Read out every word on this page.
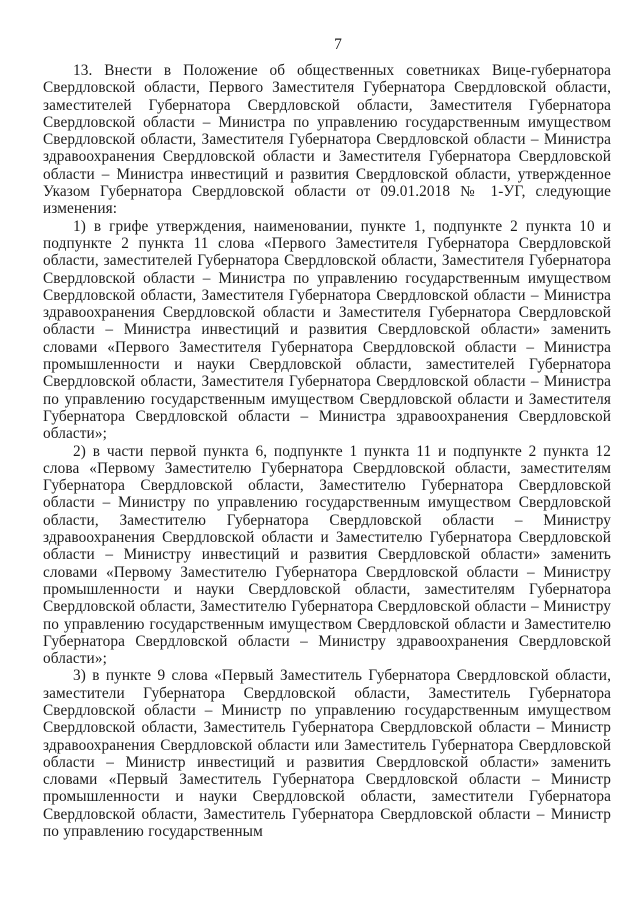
7

13. Внести в Положение об общественных советниках Вице-губернатора Свердловской области, Первого Заместителя Губернатора Свердловской области, заместителей Губернатора Свердловской области, Заместителя Губернатора Свердловской области – Министра по управлению государственным имуществом Свердловской области, Заместителя Губернатора Свердловской области – Министра здравоохранения Свердловской области и Заместителя Губернатора Свердловской области – Министра инвестиций и развития Свердловской области, утвержденное Указом Губернатора Свердловской области от 09.01.2018 № 1-УГ, следующие изменения:

1) в грифе утверждения, наименовании, пункте 1, подпункте 2 пункта 10 и подпункте 2 пункта 11 слова «Первого Заместителя Губернатора Свердловской области, заместителей Губернатора Свердловской области, Заместителя Губернатора Свердловской области – Министра по управлению государственным имуществом Свердловской области, Заместителя Губернатора Свердловской области – Министра здравоохранения Свердловской области и Заместителя Губернатора Свердловской области – Министра инвестиций и развития Свердловской области» заменить словами «Первого Заместителя Губернатора Свердловской области – Министра промышленности и науки Свердловской области, заместителей Губернатора Свердловской области, Заместителя Губернатора Свердловской области – Министра по управлению государственным имуществом Свердловской области и Заместителя Губернатора Свердловской области – Министра здравоохранения Свердловской области»;

2) в части первой пункта 6, подпункте 1 пункта 11 и подпункте 2 пункта 12 слова «Первому Заместителю Губернатора Свердловской области, заместителям Губернатора Свердловской области, Заместителю Губернатора Свердловской области – Министру по управлению государственным имуществом Свердловской области, Заместителю Губернатора Свердловской области – Министру здравоохранения Свердловской области и Заместителю Губернатора Свердловской области – Министру инвестиций и развития Свердловской области» заменить словами «Первому Заместителю Губернатора Свердловской области – Министру промышленности и науки Свердловской области, заместителям Губернатора Свердловской области, Заместителю Губернатора Свердловской области – Министру по управлению государственным имуществом Свердловской области и Заместителю Губернатора Свердловской области – Министру здравоохранения Свердловской области»;

3) в пункте 9 слова «Первый Заместитель Губернатора Свердловской области, заместители Губернатора Свердловской области, Заместитель Губернатора Свердловской области – Министр по управлению государственным имуществом Свердловской области, Заместитель Губернатора Свердловской области – Министр здравоохранения Свердловской области или Заместитель Губернатора Свердловской области – Министр инвестиций и развития Свердловской области» заменить словами «Первый Заместитель Губернатора Свердловской области – Министр промышленности и науки Свердловской области, заместители Губернатора Свердловской области, Заместитель Губернатора Свердловской области – Министр по управлению государственным
